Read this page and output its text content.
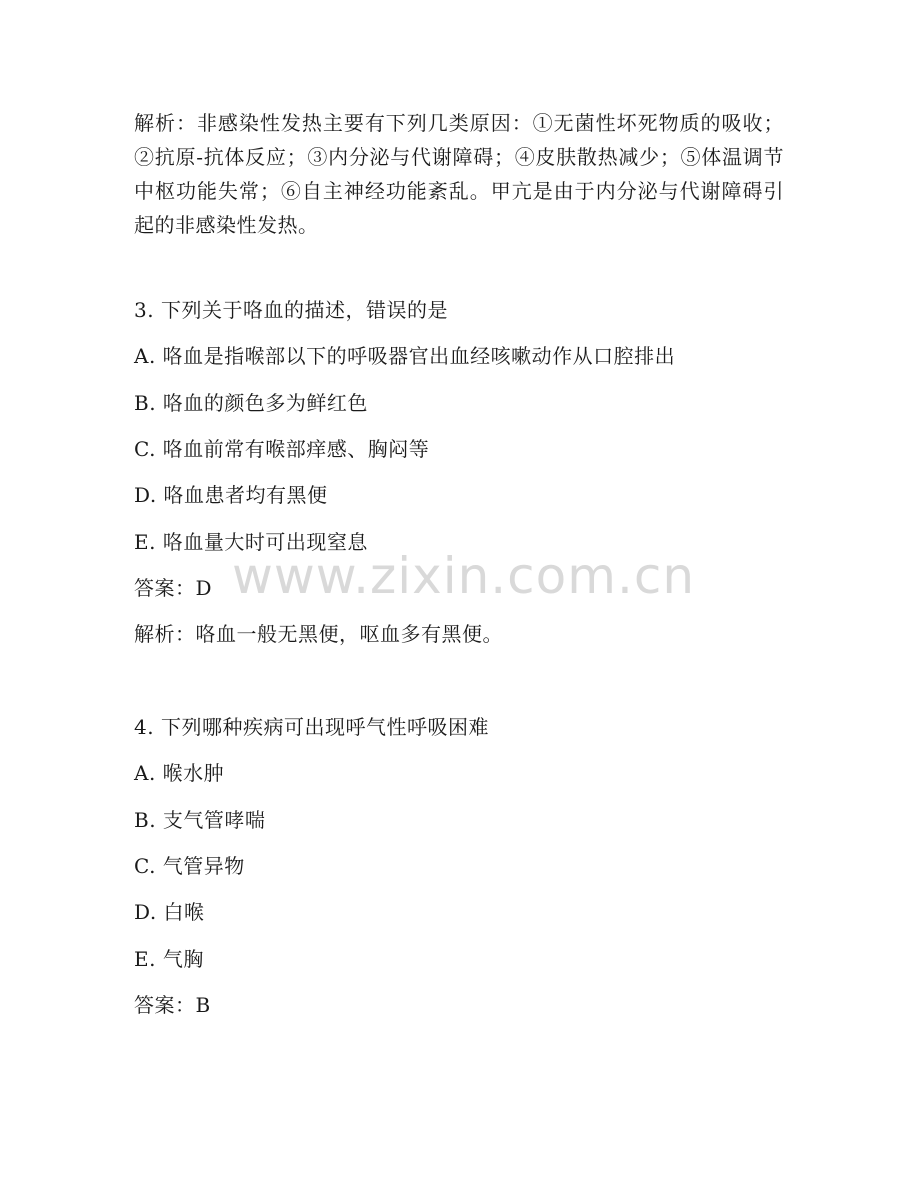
解析：非感染性发热主要有下列几类原因：①无菌性坏死物质的吸收；②抗原-抗体反应；③内分泌与代谢障碍；④皮肤散热减少；⑤体温调节中枢功能失常；⑥自主神经功能紊乱。甲亢是由于内分泌与代谢障碍引起的非感染性发热。
3. 下列关于咯血的描述，错误的是
A. 咯血是指喉部以下的呼吸器官出血经咳嗽动作从口腔排出
B. 咯血的颜色多为鲜红色
C. 咯血前常有喉部痒感、胸闷等
D. 咯血患者均有黑便
E. 咯血量大时可出现窒息
答案：D
解析：咯血一般无黑便，呕血多有黑便。
4. 下列哪种疾病可出现呼气性呼吸困难
A. 喉水肿
B. 支气管哮喘
C. 气管异物
D. 白喉
E. 气胸
答案：B
www.zixin.com.cn
